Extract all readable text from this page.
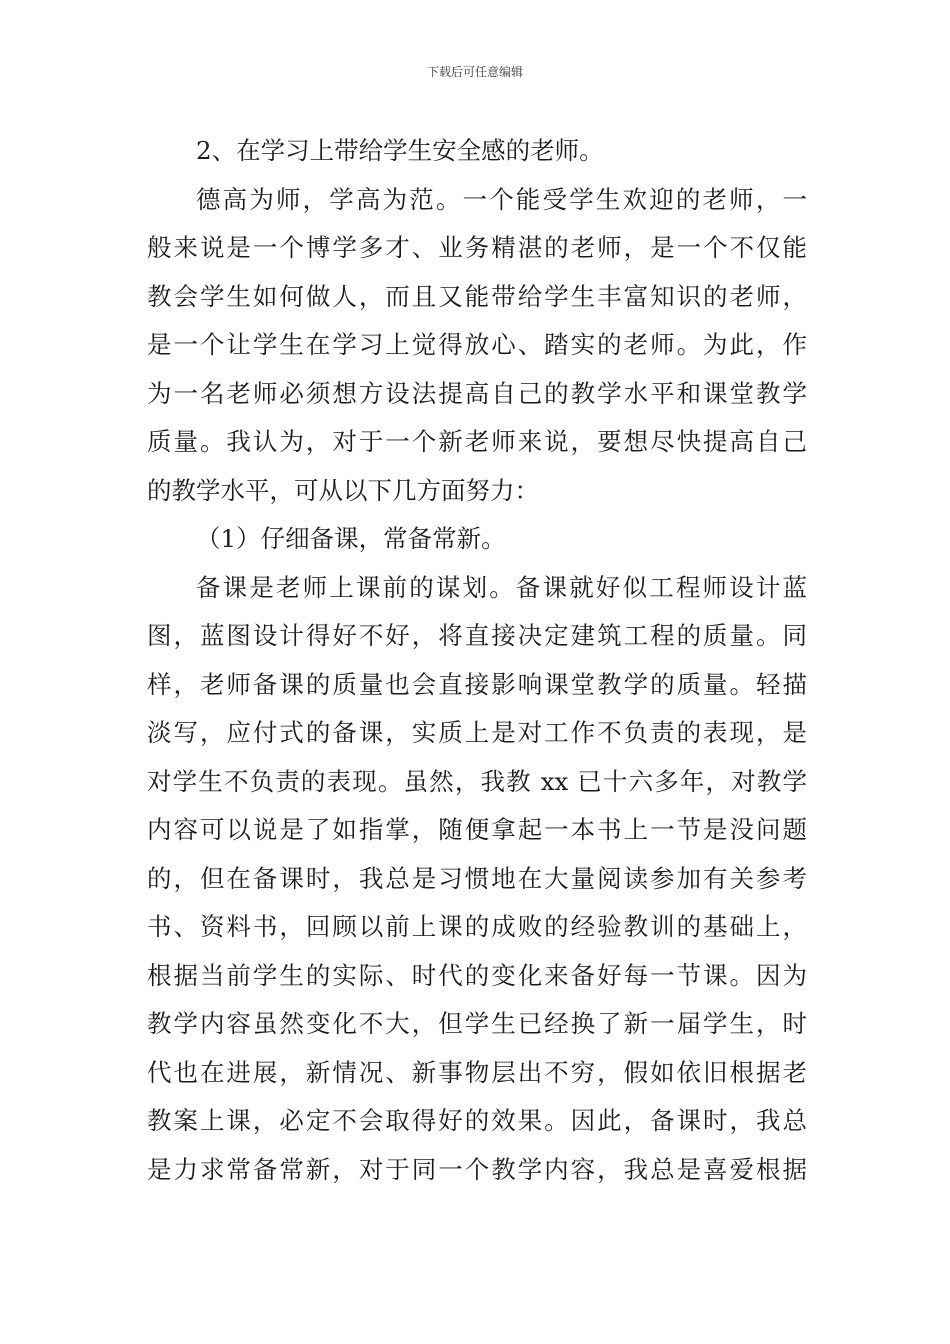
下载后可任意编辑
2、在学习上带给学生安全感的老师。
德高为师，学高为范。一个能受学生欢迎的老师，一
般来说是一个博学多才、业务精湛的老师，是一个不仅能
教会学生如何做人，而且又能带给学生丰富知识的老师，
是一个让学生在学习上觉得放心、踏实的老师。为此，作
为一名老师必须想方设法提高自己的教学水平和课堂教学
质量。我认为，对于一个新老师来说，要想尽快提高自己
的教学水平，可从以下几方面努力：
（1）仔细备课，常备常新。
备课是老师上课前的谋划。备课就好似工程师设计蓝
图，蓝图设计得好不好，将直接决定建筑工程的质量。同
样，老师备课的质量也会直接影响课堂教学的质量。轻描
淡写，应付式的备课，实质上是对工作不负责的表现，是
对学生不负责的表现。虽然，我教 xx 已十六多年，对教学
内容可以说是了如指掌，随便拿起一本书上一节是没问题
的，但在备课时，我总是习惯地在大量阅读参加有关参考
书、资料书，回顾以前上课的成败的经验教训的基础上，
根据当前学生的实际、时代的变化来备好每一节课。因为
教学内容虽然变化不大，但学生已经换了新一届学生，时
代也在进展，新情况、新事物层出不穷，假如依旧根据老
教案上课，必定不会取得好的效果。因此，备课时，我总
是力求常备常新，对于同一个教学内容，我总是喜爱根据
